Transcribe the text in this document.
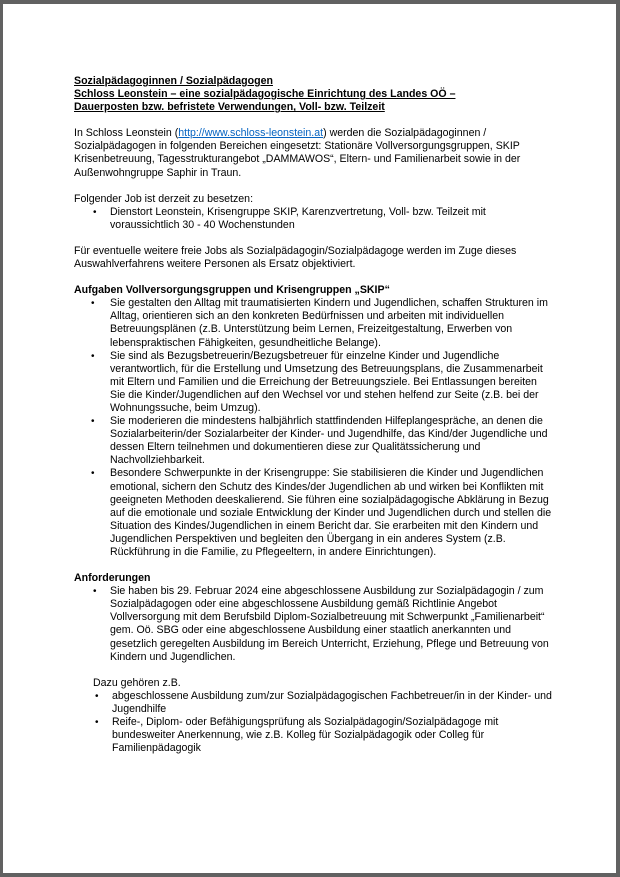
Sozialpädagoginnen / Sozialpädagogen
Schloss Leonstein – eine sozialpädagogische Einrichtung des Landes OÖ –
Dauerposten bzw. befristete Verwendungen, Voll- bzw. Teilzeit

In Schloss Leonstein (http://www.schloss-leonstein.at) werden die Sozialpädagoginnen / Sozialpädagogen in folgenden Bereichen eingesetzt: Stationäre Vollversorgungsgruppen, SKIP Krisenbetreuung, Tagesstrukturangebot „DAMMAWOS“, Eltern- und Familienarbeit sowie in der Außenwohngruppe Saphir in Traun.

Folgender Job ist derzeit zu besetzen:

• Dienstort Leonstein, Krisengruppe SKIP, Karenzvertretung, Voll- bzw. Teilzeit mit voraussichtlich 30 - 40 Wochenstunden

Für eventuelle weitere freie Jobs als Sozialpädagogin/Sozialpädagoge werden im Zuge dieses Auswahlverfahrens weitere Personen als Ersatz objektiviert.

Aufgaben Vollversorgungsgruppen und Krisengruppen „SKIP“

• Sie gestalten den Alltag mit traumatisierten Kindern und Jugendlichen, schaffen Strukturen im Alltag, orientieren sich an den konkreten Bedürfnissen und arbeiten mit individuellen Betreuungsplänen (z.B. Unterstützung beim Lernen, Freizeitgestaltung, Erwerben von lebenspraktischen Fähigkeiten, gesundheitliche Belange).
• Sie sind als Bezugsbetreuerin/Bezugsbetreuer für einzelne Kinder und Jugendliche verantwortlich, für die Erstellung und Umsetzung des Betreuungsplans, die Zusammenarbeit mit Eltern und Familien und die Erreichung der Betreuungsziele. Bei Entlassungen bereiten Sie die Kinder/Jugendlichen auf den Wechsel vor und stehen helfend zur Seite (z.B. bei der Wohnungssuche, beim Umzug).
• Sie moderieren die mindestens halbjährlich stattfindenden Hilfeplangespräche, an denen die Sozialarbeiterin/der Sozialarbeiter der Kinder- und Jugendhilfe, das Kind/der Jugendliche und dessen Eltern teilnehmen und dokumentieren diese zur Qualitätssicherung und Nachvollziehbarkeit.
• Besondere Schwerpunkte in der Krisengruppe: Sie stabilisieren die Kinder und Jugendlichen emotional, sichern den Schutz des Kindes/der Jugendlichen ab und wirken bei Konflikten mit geeigneten Methoden deeskalierend. Sie führen eine sozialpädagogische Abklärung in Bezug auf die emotionale und soziale Entwicklung der Kinder und Jugendlichen durch und stellen die Situation des Kindes/Jugendlichen in einem Bericht dar. Sie erarbeiten mit den Kindern und Jugendlichen Perspektiven und begleiten den Übergang in ein anderes System (z.B. Rückführung in die Familie, zu Pflegeeltern, in andere Einrichtungen).

Anforderungen

• Sie haben bis 29. Februar 2024 eine abgeschlossene Ausbildung zur Sozialpädagogin / zum Sozialpädagogen oder eine abgeschlossene Ausbildung gemäß Richtlinie Angebot Vollversorgung mit dem Berufsbild Diplom-Sozialbetreuung mit Schwerpunkt „Familienarbeit“ gem. Oö. SBG oder eine abgeschlossene Ausbildung einer staatlich anerkannten und gesetzlich geregelten Ausbildung im Bereich Unterricht, Erziehung, Pflege und Betreuung von Kindern und Jugendlichen.

Dazu gehören z.B.

• abgeschlossene Ausbildung zum/zur Sozialpädagogischen Fachbetreuer/in in der Kinder- und Jugendhilfe
• Reife-, Diplom- oder Befähigungsprüfung als Sozialpädagogin/Sozialpädagoge mit bundesweiter Anerkennung, wie z.B. Kolleg für Sozialpädagogik oder Colleg für Familienpädagogik
